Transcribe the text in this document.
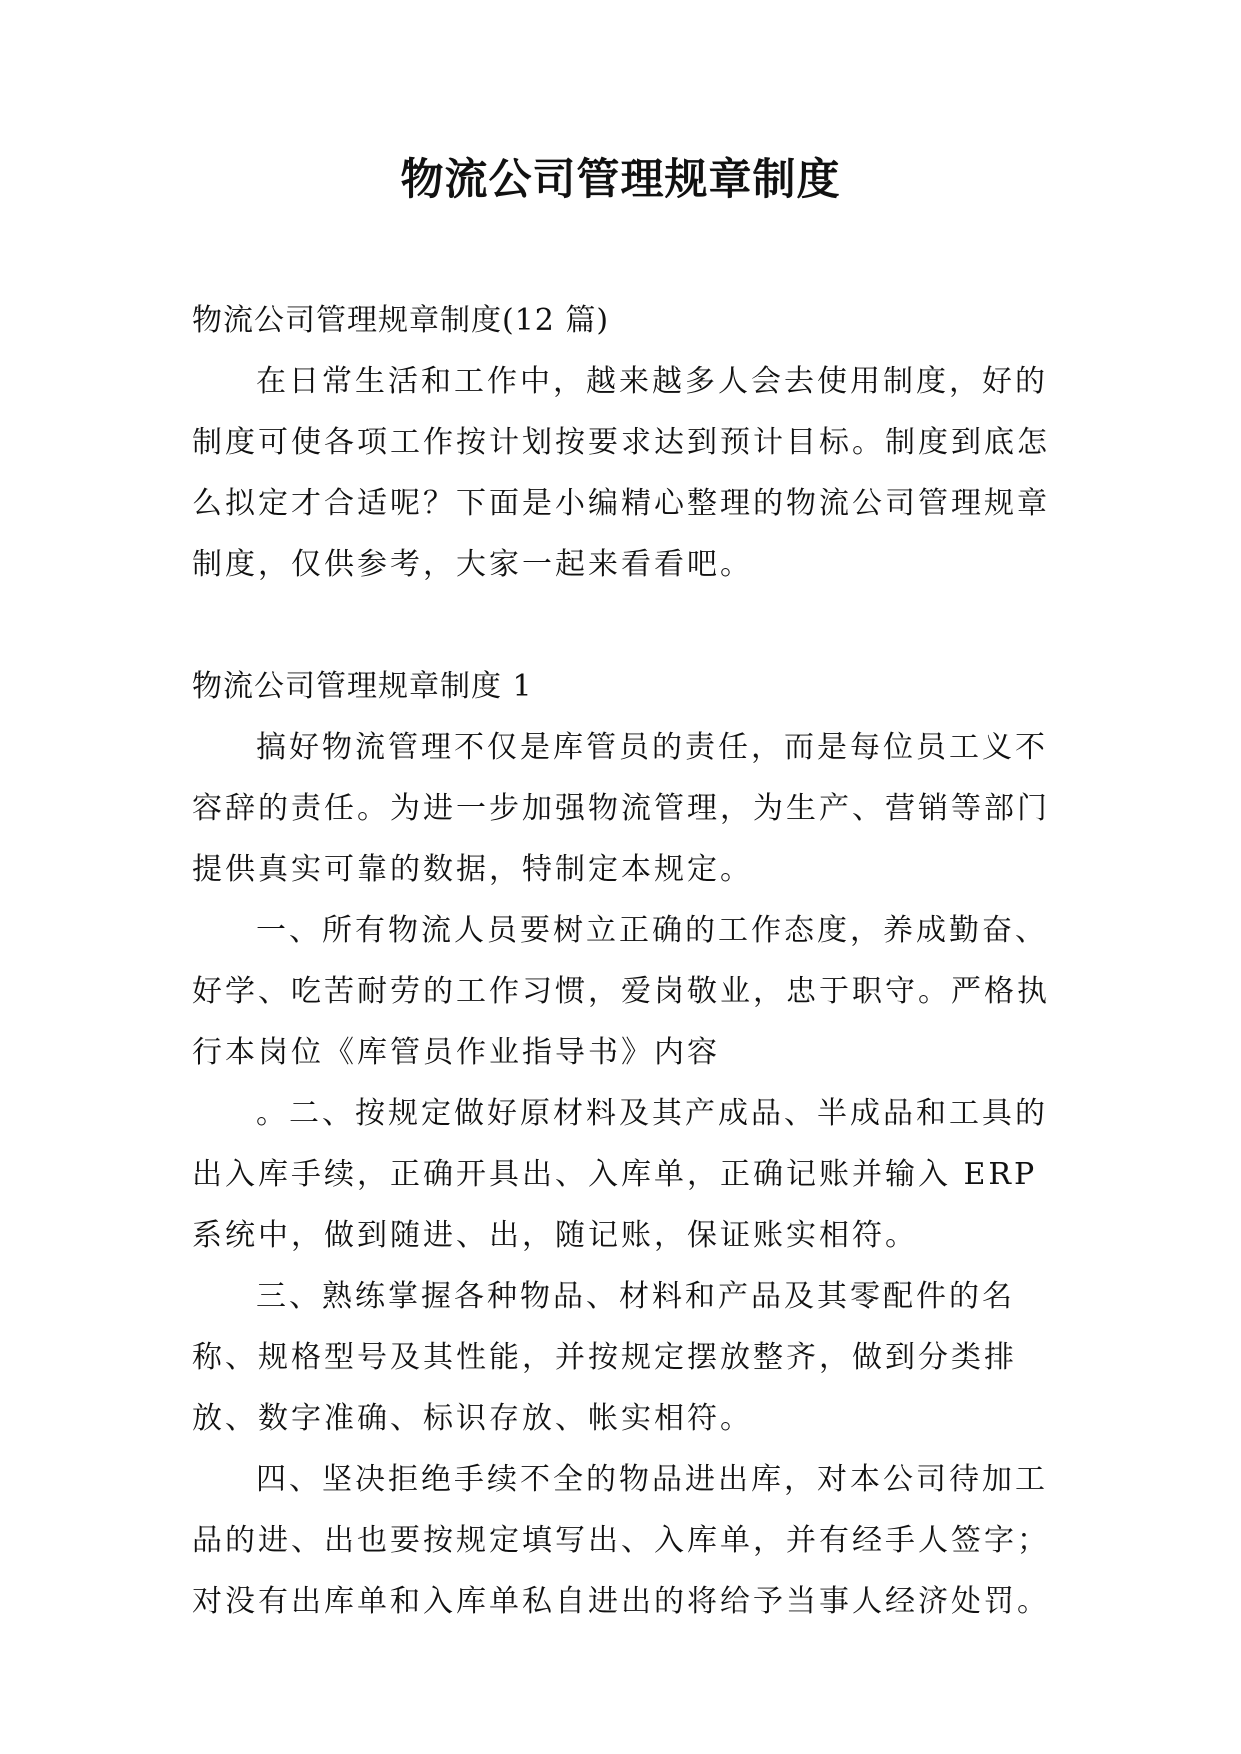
物流公司管理规章制度

物流公司管理规章制度(12 篇)

在日常生活和工作中，越来越多人会去使用制度，好的制度可使各项工作按计划按要求达到预计目标。制度到底怎么拟定才合适呢？下面是小编精心整理的物流公司管理规章制度，仅供参考，大家一起来看看吧。

物流公司管理规章制度 1

搞好物流管理不仅是库管员的责任，而是每位员工义不容辞的责任。为进一步加强物流管理，为生产、营销等部门提供真实可靠的数据，特制定本规定。

一、所有物流人员要树立正确的工作态度，养成勤奋、好学、吃苦耐劳的工作习惯，爱岗敬业，忠于职守。严格执行本岗位《库管员作业指导书》内容

。二、按规定做好原材料及其产成品、半成品和工具的出入库手续，正确开具出、入库单，正确记账并输入 ERP 系统中，做到随进、出，随记账，保证账实相符。

三、熟练掌握各种物品、材料和产品及其零配件的名称、规格型号及其性能，并按规定摆放整齐，做到分类排放、数字准确、标识存放、帐实相符。

四、坚决拒绝手续不全的物品进出库，对本公司待加工品的进、出也要按规定填写出、入库单，并有经手人签字；对没有出库单和入库单私自进出的将给予当事人经济处罚。
